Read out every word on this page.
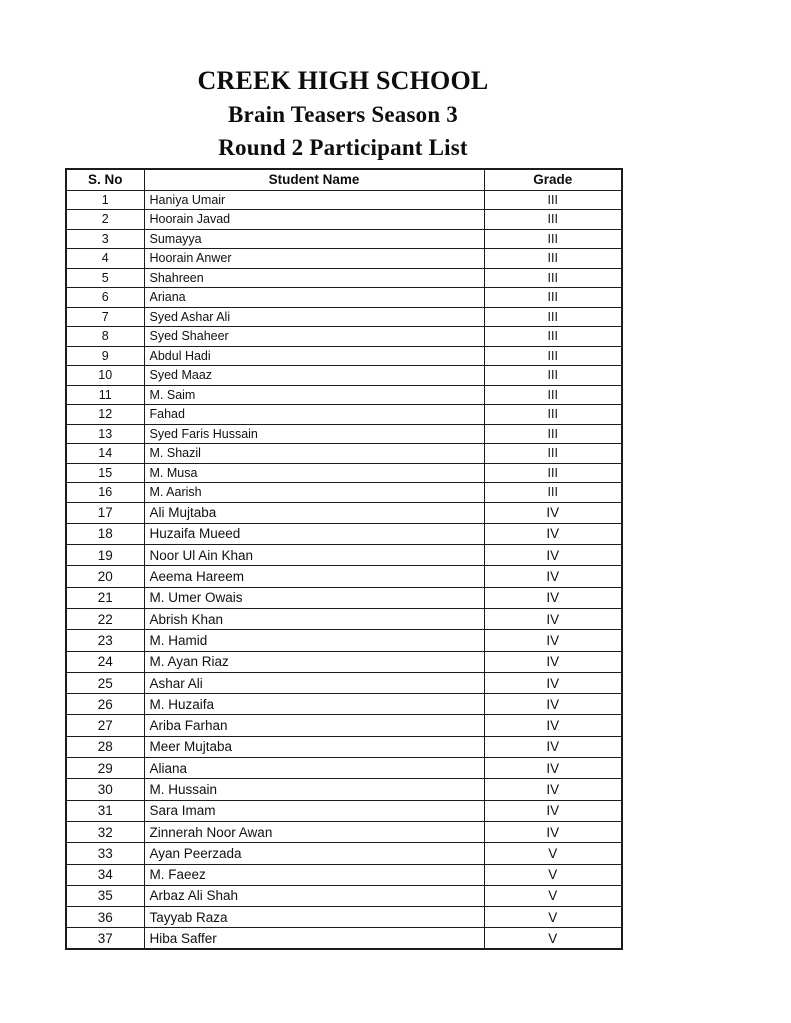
CREEK HIGH SCHOOL
Brain Teasers Season 3
Round 2 Participant List
S. No	Student Name	Grade
1	Haniya Umair	III
2	Hoorain Javad	III
3	Sumayya	III
4	Hoorain Anwer	III
5	Shahreen	III
6	Ariana	III
7	Syed Ashar Ali	III
8	Syed Shaheer	III
9	Abdul Hadi	III
10	Syed Maaz	III
11	M. Saim	III
12	Fahad	III
13	Syed Faris Hussain	III
14	M. Shazil	III
15	M. Musa	III
16	M. Aarish	III
17	Ali Mujtaba	IV
18	Huzaifa Mueed	IV
19	Noor Ul Ain Khan	IV
20	Aeema Hareem	IV
21	M. Umer Owais	IV
22	Abrish Khan	IV
23	M. Hamid	IV
24	M. Ayan Riaz	IV
25	Ashar Ali	IV
26	M. Huzaifa	IV
27	Ariba Farhan	IV
28	Meer Mujtaba	IV
29	Aliana	IV
30	M. Hussain	IV
31	Sara Imam	IV
32	Zinnerah Noor Awan	IV
33	Ayan Peerzada	V
34	M. Faeez	V
35	Arbaz Ali Shah	V
36	Tayyab Raza	V
37	Hiba Saffer	V
